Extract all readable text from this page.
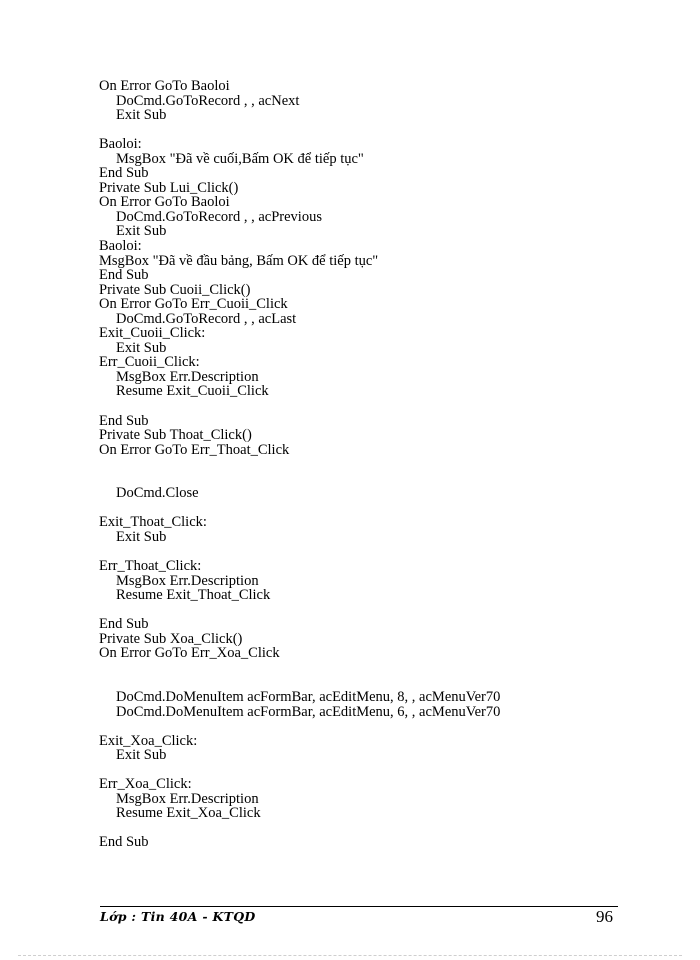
On Error GoTo Baoloi
DoCmd.GoToRecord , , acNext
Exit Sub
Baoloi:
MsgBox "Đã về cuối,Bấm OK để tiếp tục"
End Sub
Private Sub Lui_Click()
On Error GoTo Baoloi
DoCmd.GoToRecord , , acPrevious
Exit Sub
Baoloi:
MsgBox "Đã về đầu bảng, Bấm OK để tiếp tục"
End Sub
Private Sub Cuoii_Click()
On Error GoTo Err_Cuoii_Click
DoCmd.GoToRecord , , acLast
Exit_Cuoii_Click:
Exit Sub
Err_Cuoii_Click:
MsgBox Err.Description
Resume Exit_Cuoii_Click
End Sub
Private Sub Thoat_Click()
On Error GoTo Err_Thoat_Click
DoCmd.Close
Exit_Thoat_Click:
Exit Sub
Err_Thoat_Click:
MsgBox Err.Description
Resume Exit_Thoat_Click
End Sub
Private Sub Xoa_Click()
On Error GoTo Err_Xoa_Click
DoCmd.DoMenuItem acFormBar, acEditMenu, 8, , acMenuVer70
DoCmd.DoMenuItem acFormBar, acEditMenu, 6, , acMenuVer70
Exit_Xoa_Click:
Exit Sub
Err_Xoa_Click:
MsgBox Err.Description
Resume Exit_Xoa_Click
End Sub
Lớp : Tin 40A - KTQD	96
